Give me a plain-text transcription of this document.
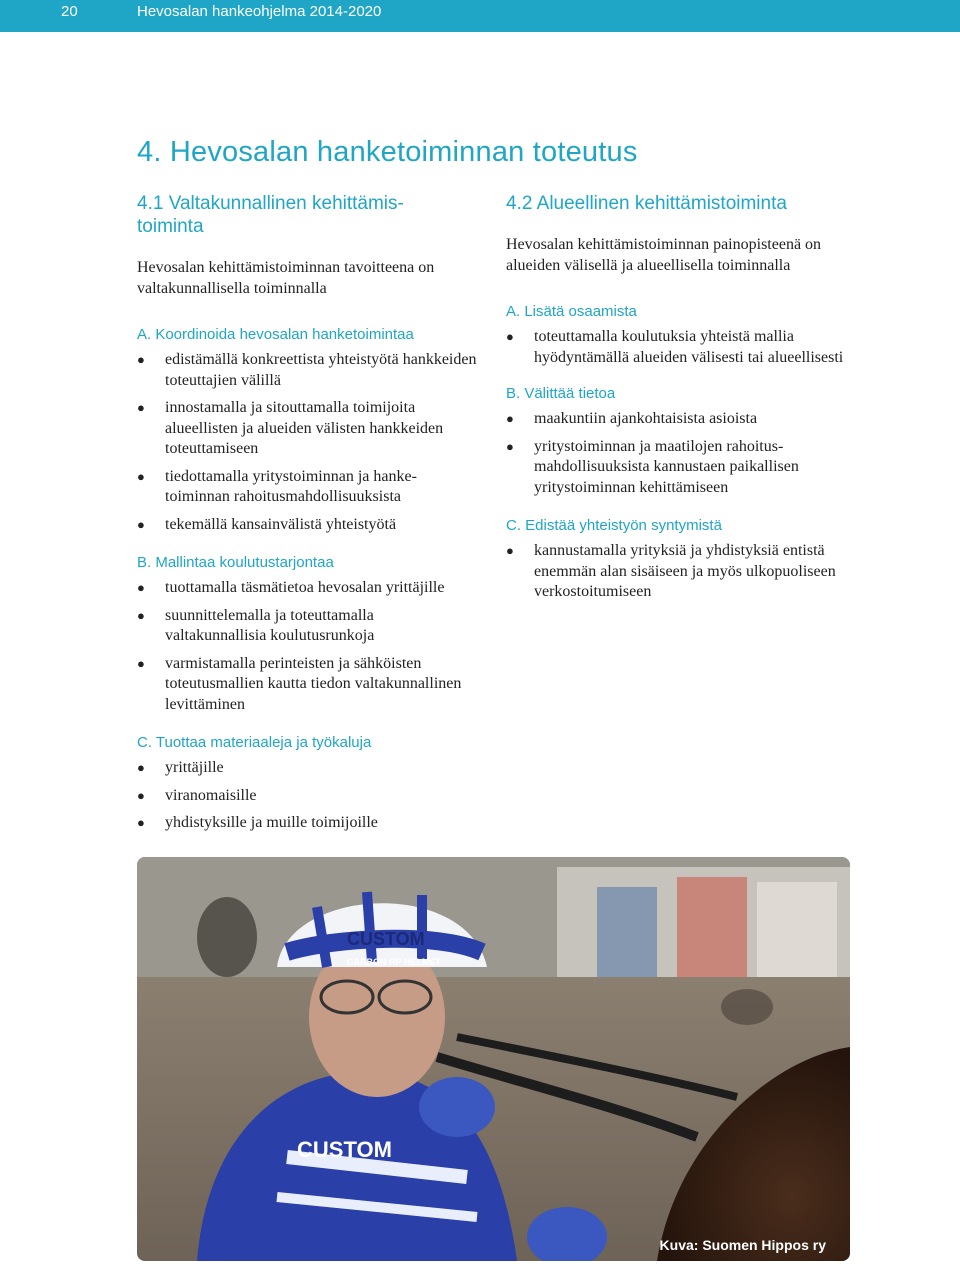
20	Hevosalan hankeohjelma 2014-2020
4. Hevosalan hanketoiminnan toteutus
4.1 Valtakunnallinen kehittämis-
toiminta

Hevosalan kehittämistoiminnan tavoitteena on valtakunnallisella toiminnalla

A. Koordinoida hevosalan hanketoimintaa

● edistämällä konkreettista yhteistyötä hankkeiden toteuttajien välillä
● innostamalla ja sitouttamalla toimijoita alueellisten ja alueiden välisten hankkeiden toteuttamiseen
● tiedottamalla yritystoiminnan ja hanke-toiminnan rahoitusmahdollisuuksista
● tekemällä kansainvälistä yhteistyötä

B. Mallintaa koulutustarjontaa

● tuottamalla täsmätietoa hevosalan yrittäjille
● suunnittelemalla ja toteuttamalla valtakunnallisia koulutusrunkoja
● varmistamalla perinteisten ja sähköisten toteutusmallien kautta tiedon valtakunnallinen levittäminen

C. Tuottaa materiaaleja ja työkaluja

● yrittäjille
● viranomaisille
● yhdistyksille ja muille toimijoille
4.2 Alueellinen kehittämistoiminta

Hevosalan kehittämistoiminnan painopisteenä on alueiden välisellä ja alueellisella toiminnalla

A. Lisätä osaamista

● toteuttamalla koulutuksia yhteistä mallia hyödyntämällä alueiden välisesti tai alueellisesti

B. Välittää tietoa

● maakuntiin ajankohtaisista asioista
● yritystoiminnan ja maatilojen rahoitus-mahdollisuuksista kannustaen paikallisen yritystoiminnan kehittämiseen

C. Edistää yhteistyön syntymistä

● kannustamalla yrityksiä ja yhdistyksiä entistä enemmän alan sisäiseen ja myös ulkopuoliseen verkostoitumiseen
CUSTOM
CUSTOM
CARBON RP HELMET
Kuva: Suomen Hippos ry
